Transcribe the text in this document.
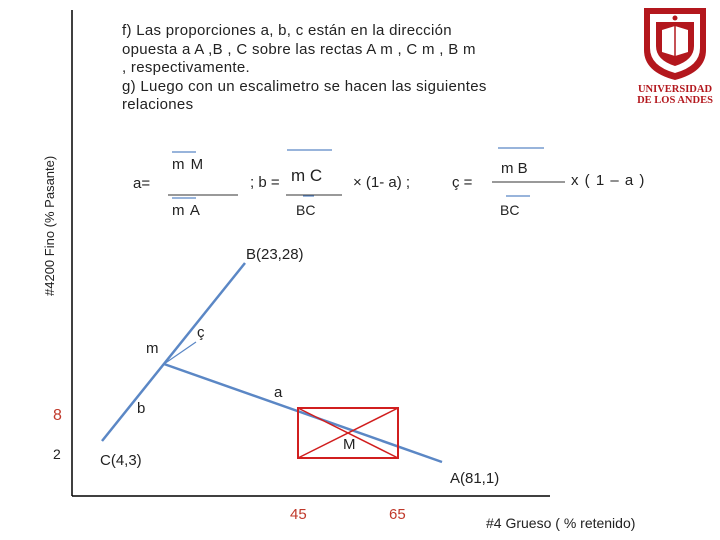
#4200 Fino (% Pasante)
f) Las proporciones a, b, c están en la dirección
opuesta a A ,B , C sobre las rectas A m , C m , B m
, respectivamente.
g) Luego con un escalimetro se hacen las siguientes
relaciones
UNIVERSIDAD
DE LOS ANDES
a=
m M
m A
; b = m C
BC
× (1- a) ;	ç =
m B
BC
x ( 1 – a )
B(23,28)
C(4,3)
A(81,1)
m
M
a
b
ç
8
2
45	65	#4 Grueso ( % retenido)
